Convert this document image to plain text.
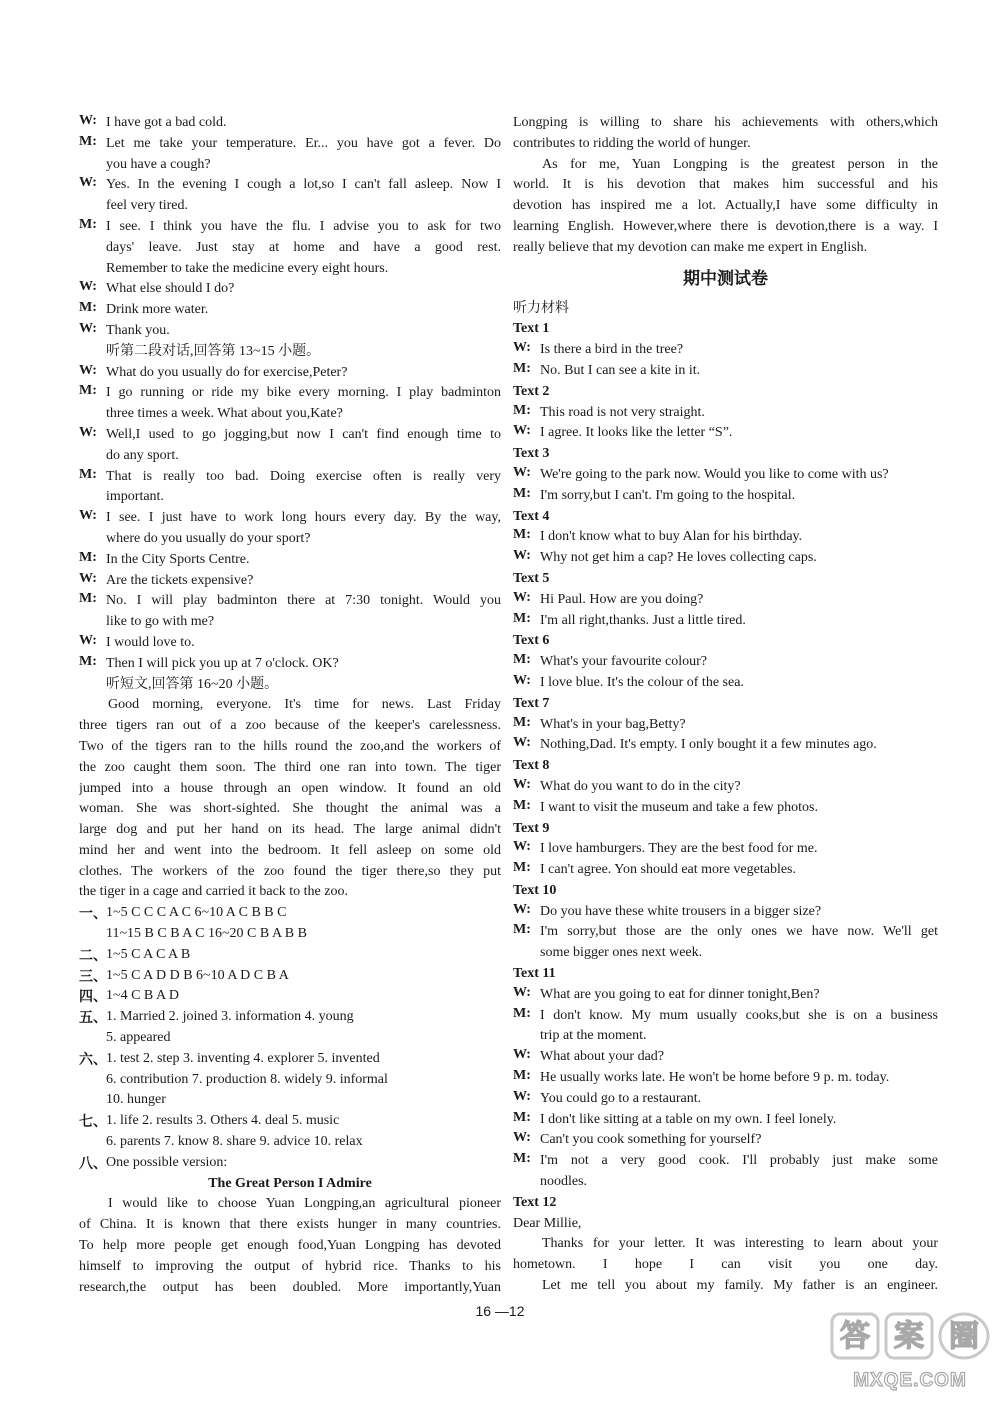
W: I have got a bad cold.
M: Let me take your temperature. Er... you have got a fever. Do
you have a cough?
W: Yes. In the evening I cough a lot,so I can't fall asleep. Now I
feel very tired.
M: I see. I think you have the flu. I advise you to ask for two
days' leave. Just stay at home and have a good rest.
Remember to take the medicine every eight hours.
W: What else should I do?
M: Drink more water.
W: Thank you.
听第二段对话,回答第 13~15 小题。
W: What do you usually do for exercise,Peter?
M: I go running or ride my bike every morning. I play badminton
three times a week. What about you,Kate?
W: Well,I used to go jogging,but now I can't find enough time to
do any sport.
M: That is really too bad. Doing exercise often is really very
important.
W: I see. I just have to work long hours every day. By the way,
where do you usually do your sport?
M: In the City Sports Centre.
W: Are the tickets expensive?
M: No. I will play badminton there at 7:30 tonight. Would you
like to go with me?
W: I would love to.
M: Then I will pick you up at 7 o'clock. OK?
听短文,回答第 16~20 小题。
Good morning, everyone. It's time for news. Last Friday
three tigers ran out of a zoo because of the keeper's carelessness.
Two of the tigers ran to the hills round the zoo,and the workers of
the zoo caught them soon. The third one ran into town. The tiger
jumped into a house through an open window. It found an old
woman. She was short-sighted. She thought the animal was a
large dog and put her hand on its head. The large animal didn't
mind her and went into the bedroom. It fell asleep on some old
clothes. The workers of the zoo found the tiger there,so they put
the tiger in a cage and carried it back to the zoo.
一、 1~5 C C C A C 6~10 A C B B C
11~15 B C B A C 16~20 C B A B B
二、 1~5 C A C A B
三、 1~5 C A D D B 6~10 A D C B A
四、 1~4 C B A D
五、 1. Married 2. joined 3. information 4. young
5. appeared
六、 1. test 2. step 3. inventing 4. explorer 5. invented
6. contribution 7. production 8. widely 9. informal
10. hunger
七、 1. life 2. results 3. Others 4. deal 5. music
6. parents 7. know 8. share 9. advice 10. relax
八、 One possible version:
The Great Person I Admire
I would like to choose Yuan Longping,an agricultural pioneer
of China. It is known that there exists hunger in many countries.
To help more people get enough food,Yuan Longping has devoted
himself to improving the output of hybrid rice. Thanks to his
research,the output has been doubled. More importantly,Yuan
Longping is willing to share his achievements with others,which
contributes to ridding the world of hunger.
As for me, Yuan Longping is the greatest person in the
world. It is his devotion that makes him successful and his
devotion has inspired me a lot. Actually,I have some difficulty in
learning English. However,where there is devotion,there is a way. I
really believe that my devotion can make me expert in English.
期中测试卷
听力材料
Text 1
W: Is there a bird in the tree?
M: No. But I can see a kite in it.
Text 2
M: This road is not very straight.
W: I agree. It looks like the letter “S”.
Text 3
W: We're going to the park now. Would you like to come with us?
M: I'm sorry,but I can't. I'm going to the hospital.
Text 4
M: I don't know what to buy Alan for his birthday.
W: Why not get him a cap? He loves collecting caps.
Text 5
W: Hi Paul. How are you doing?
M: I'm all right,thanks. Just a little tired.
Text 6
M: What's your favourite colour?
W: I love blue. It's the colour of the sea.
Text 7
M: What's in your bag,Betty?
W: Nothing,Dad. It's empty. I only bought it a few minutes ago.
Text 8
W: What do you want to do in the city?
M: I want to visit the museum and take a few photos.
Text 9
W: I love hamburgers. They are the best food for me.
M: I can't agree. Yon should eat more vegetables.
Text 10
W: Do you have these white trousers in a bigger size?
M: I'm sorry,but those are the only ones we have now. We'll get
some bigger ones next week.
Text 11
W: What are you going to eat for dinner tonight,Ben?
M: I don't know. My mum usually cooks,but she is on a business
trip at the moment.
W: What about your dad?
M: He usually works late. He won't be home before 9 p. m. today.
W: You could go to a restaurant.
M: I don't like sitting at a table on my own. I feel lonely.
W: Can't you cook something for yourself?
M: I'm not a very good cook. I'll probably just make some
noodles.
Text 12
Dear Millie,
Thanks for your letter. It was interesting to learn about your
hometown. I hope I can visit you one day.
Let me tell you about my family. My father is an engineer.
16 —12
MXQE.COM
答 案 圈
